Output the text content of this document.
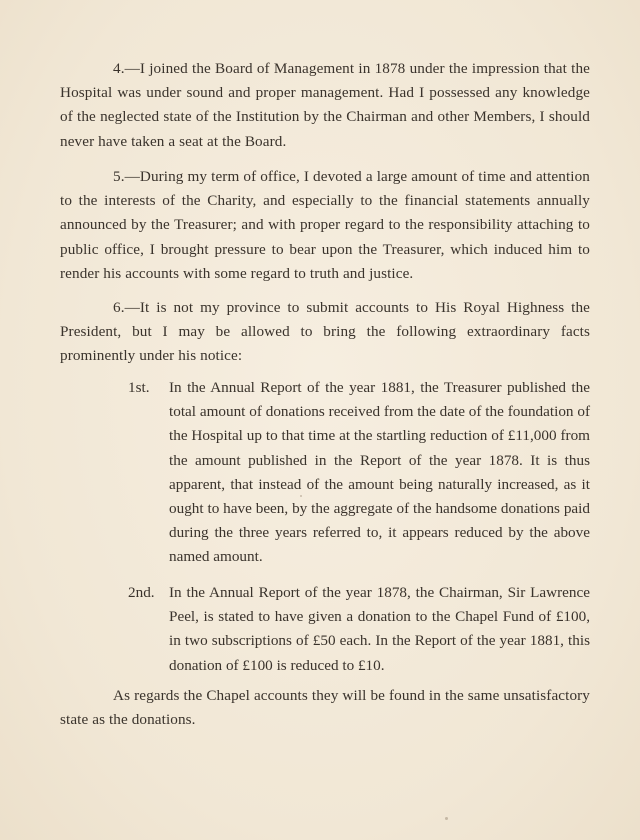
4.—I joined the Board of Management in 1878 under the impression that the Hospital was under sound and proper management. Had I possessed any knowledge of the neglected state of the Institution by the Chairman and other Members, I should never have taken a seat at the Board.

5.—During my term of office, I devoted a large amount of time and attention to the interests of the Charity, and especially to the financial statements annually announced by the Treasurer; and with proper regard to the responsibility attaching to public office, I brought pressure to bear upon the Treasurer, which induced him to render his accounts with some regard to truth and justice.

6.—It is not my province to submit accounts to His Royal Highness the President, but I may be allowed to bring the following extraordinary facts prominently under his notice:

1st. In the Annual Report of the year 1881, the Treasurer published the total amount of donations received from the date of the foundation of the Hospital up to that time at the startling reduction of £11,000 from the amount published in the Report of the year 1878. It is thus apparent, that instead of the amount being naturally increased, as it ought to have been, by the aggregate of the handsome donations paid during the three years referred to, it appears reduced by the above named amount.
2nd. In the Annual Report of the year 1878, the Chairman, Sir Lawrence Peel, is stated to have given a donation to the Chapel Fund of £100, in two subscriptions of £50 each. In the Report of the year 1881, this donation of £100 is reduced to £10.

As regards the Chapel accounts they will be found in the same unsatisfactory state as the donations.
